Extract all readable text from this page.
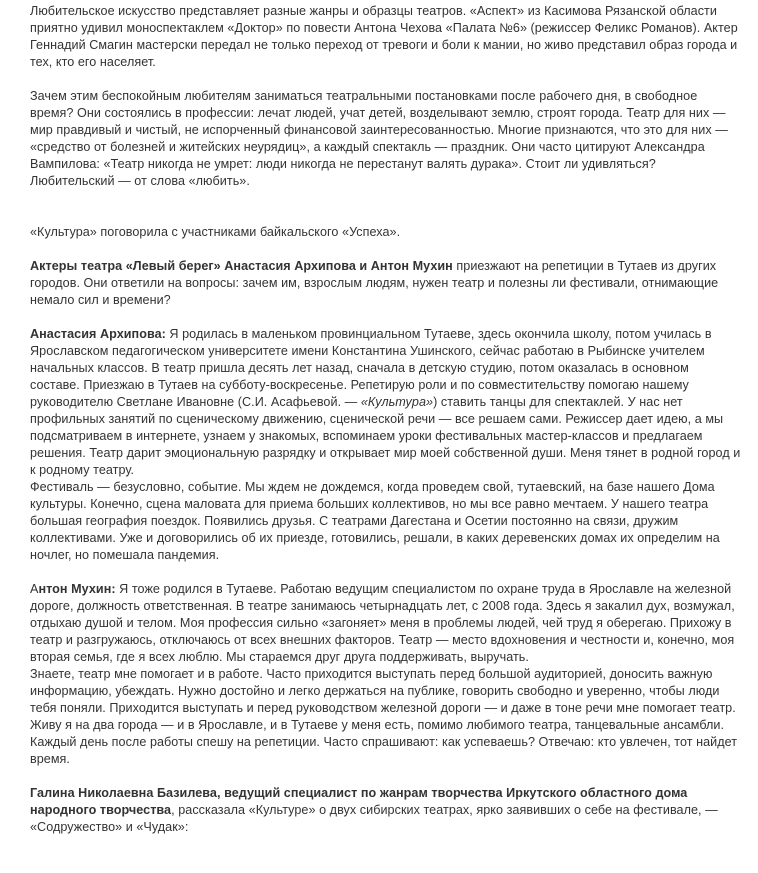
Любительское искусство представляет разные жанры и образцы театров. «Аспект» из Касимова Рязанской области приятно удивил моноспектаклем «Доктор» по повести Антона Чехова «Палата №6» (режиссер Феликс Романов). Актер Геннадий Смагин мастерски передал не только переход от тревоги и боли к мании, но живо представил образ города и тех, кто его населяет.

Зачем этим беспокойным любителям заниматься театральными постановками после рабочего дня, в свободное время? Они состоялись в профессии: лечат людей, учат детей, возделывают землю, строят города. Театр для них — мир правдивый и чистый, не испорченный финансовой заинтересованностью. Многие признаются, что это для них — «средство от болезней и житейских неурядиц», а каждый спектакль — праздник. Они часто цитируют Александра Вампилова: «Театр никогда не умрет: люди никогда не перестанут валять дурака». Стоит ли удивляться? Любительский — от слова «любить».

«Культура» поговорила с участниками байкальского «Успеха».

Актеры театра «Левый берег» Анастасия Архипова и Антон Мухин приезжают на репетиции в Тутаев из других городов. Они ответили на вопросы: зачем им, взрослым людям, нужен театр и полезны ли фестивали, отнимающие немало сил и времени?

Анастасия Архипова: Я родилась в маленьком провинциальном Тутаеве, здесь окончила школу, потом училась в Ярославском педагогическом университете имени Константина Ушинского, сейчас работаю в Рыбинске учителем начальных классов. В театр пришла десять лет назад, сначала в детскую студию, потом оказалась в основном составе. Приезжаю в Тутаев на субботу-воскресенье. Репетирую роли и по совместительству помогаю нашему руководителю Светлане Ивановне (С.И. Асафьевой. — «Культура») ставить танцы для спектаклей. У нас нет профильных занятий по сценическому движению, сценической речи — все решаем сами. Режиссер дает идею, а мы подсматриваем в интернете, узнаем у знакомых, вспоминаем уроки фестивальных мастер-классов и предлагаем решения. Театр дарит эмоциональную разрядку и открывает мир моей собственной души. Меня тянет в родной город и к родному театру.

Фестиваль — безусловно, событие. Мы ждем не дождемся, когда проведем свой, тутаевский, на базе нашего Дома культуры. Конечно, сцена маловата для приема больших коллективов, но мы все равно мечтаем. У нашего театра большая география поездок. Появились друзья. С театрами Дагестана и Осетии постоянно на связи, дружим коллективами. Уже и договорились об их приезде, готовились, решали, в каких деревенских домах их определим на ночлег, но помешала пандемия.

Антон Мухин: Я тоже родился в Тутаеве. Работаю ведущим специалистом по охране труда в Ярославле на железной дороге, должность ответственная. В театре занимаюсь четырнадцать лет, с 2008 года. Здесь я закалил дух, возмужал, отдыхаю душой и телом. Моя профессия сильно «загоняет» меня в проблемы людей, чей труд я оберегаю. Прихожу в театр и разгружаюсь, отключаюсь от всех внешних факторов. Театр — место вдохновения и честности и, конечно, моя вторая семья, где я всех люблю. Мы стараемся друг друга поддерживать, выручать.

Знаете, театр мне помогает и в работе. Часто приходится выступать перед большой аудиторией, доносить важную информацию, убеждать. Нужно достойно и легко держаться на публике, говорить свободно и уверенно, чтобы люди тебя поняли. Приходится выступать и перед руководством железной дороги — и даже в тоне речи мне помогает театр. Живу я на два города — и в Ярославле, и в Тутаеве у меня есть, помимо любимого театра, танцевальные ансамбли. Каждый день после работы спешу на репетиции. Часто спрашивают: как успеваешь? Отвечаю: кто увлечен, тот найдет время.

Галина Николаевна Базилева, ведущий специалист по жанрам творчества Иркутского областного дома народного творчества, рассказала «Культуре» о двух сибирских театрах, ярко заявивших о себе на фестивале, — «Содружество» и «Чудак»:
